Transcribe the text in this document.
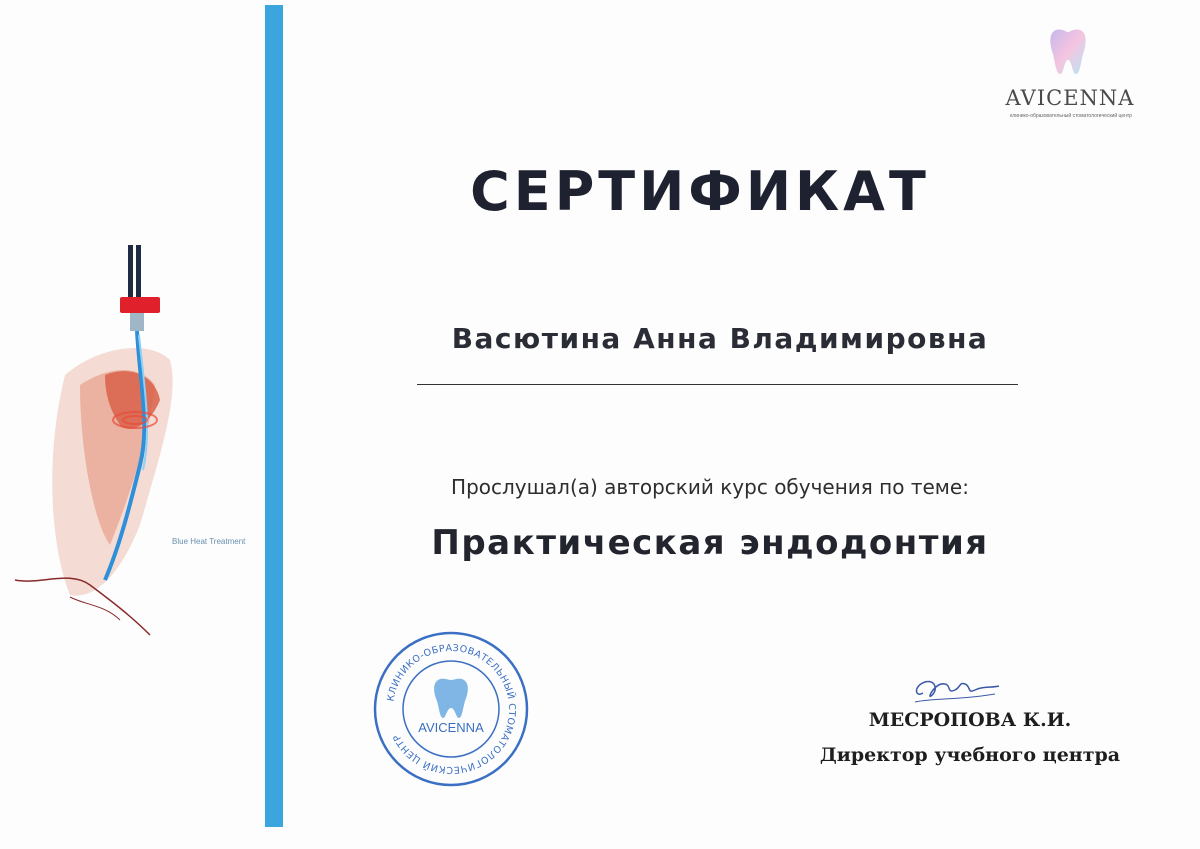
Blue Heat Treatment
AVICENNA
клинико-образовательный стоматологический центр
СЕРТИФИКАТ
Васютина Анна Владимировна
Прослушал(а) авторский курс обучения по теме:
Практическая эндодонтия
КЛИНИКО-ОБРАЗОВАТЕЛЬНЫЙ СТОМАТОЛОГИЧЕСКИЙ ЦЕНТР
AVICENNA	МЕСРОПОВА К.И.
Директор учебного центра
